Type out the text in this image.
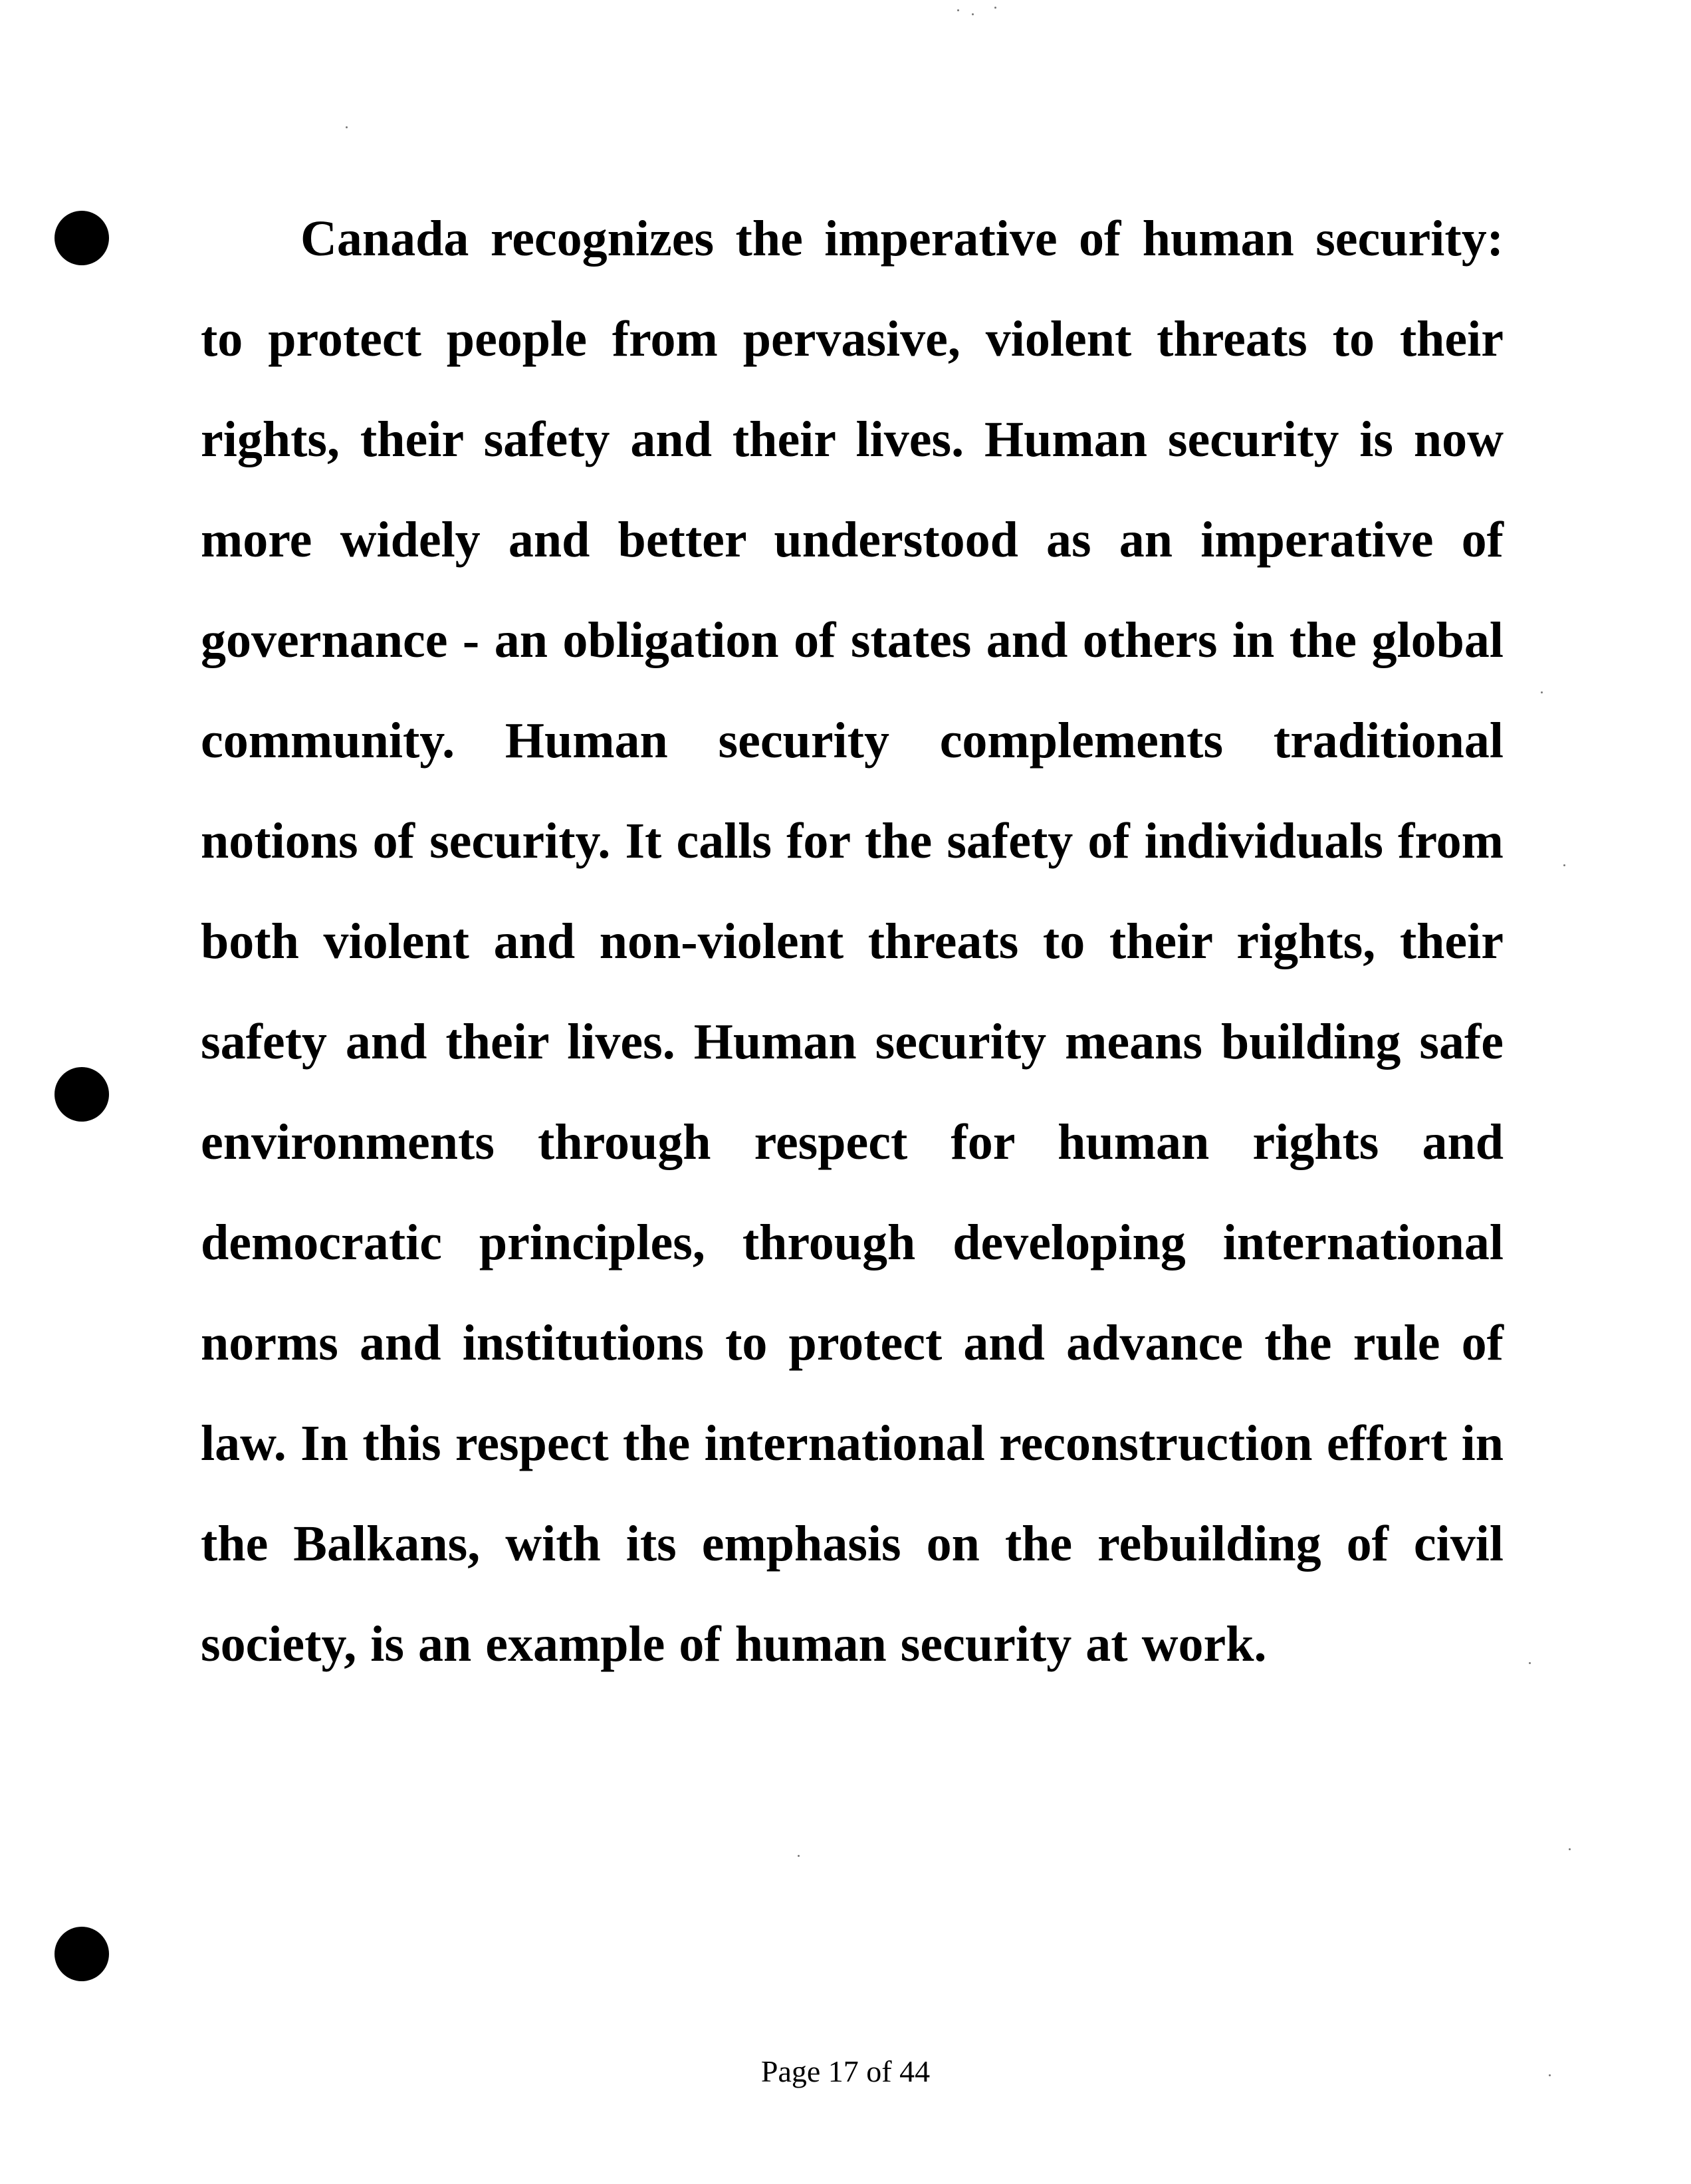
Canada recognizes the imperative of human security: to protect people from pervasive, violent threats to their rights, their safety and their lives. Human security is now more widely and better understood as an imperative of governance - an obligation of states and others in the global community. Human security complements traditional notions of security. It calls for the safety of individuals from both violent and non-violent threats to their rights, their safety and their lives. Human security means building safe environments through respect for human rights and democratic principles, through developing international norms and institutions to protect and advance the rule of law. In this respect the international reconstruction effort in the Balkans, with its emphasis on the rebuilding of civil society, is an example of human security at work.

Page 17 of 44
